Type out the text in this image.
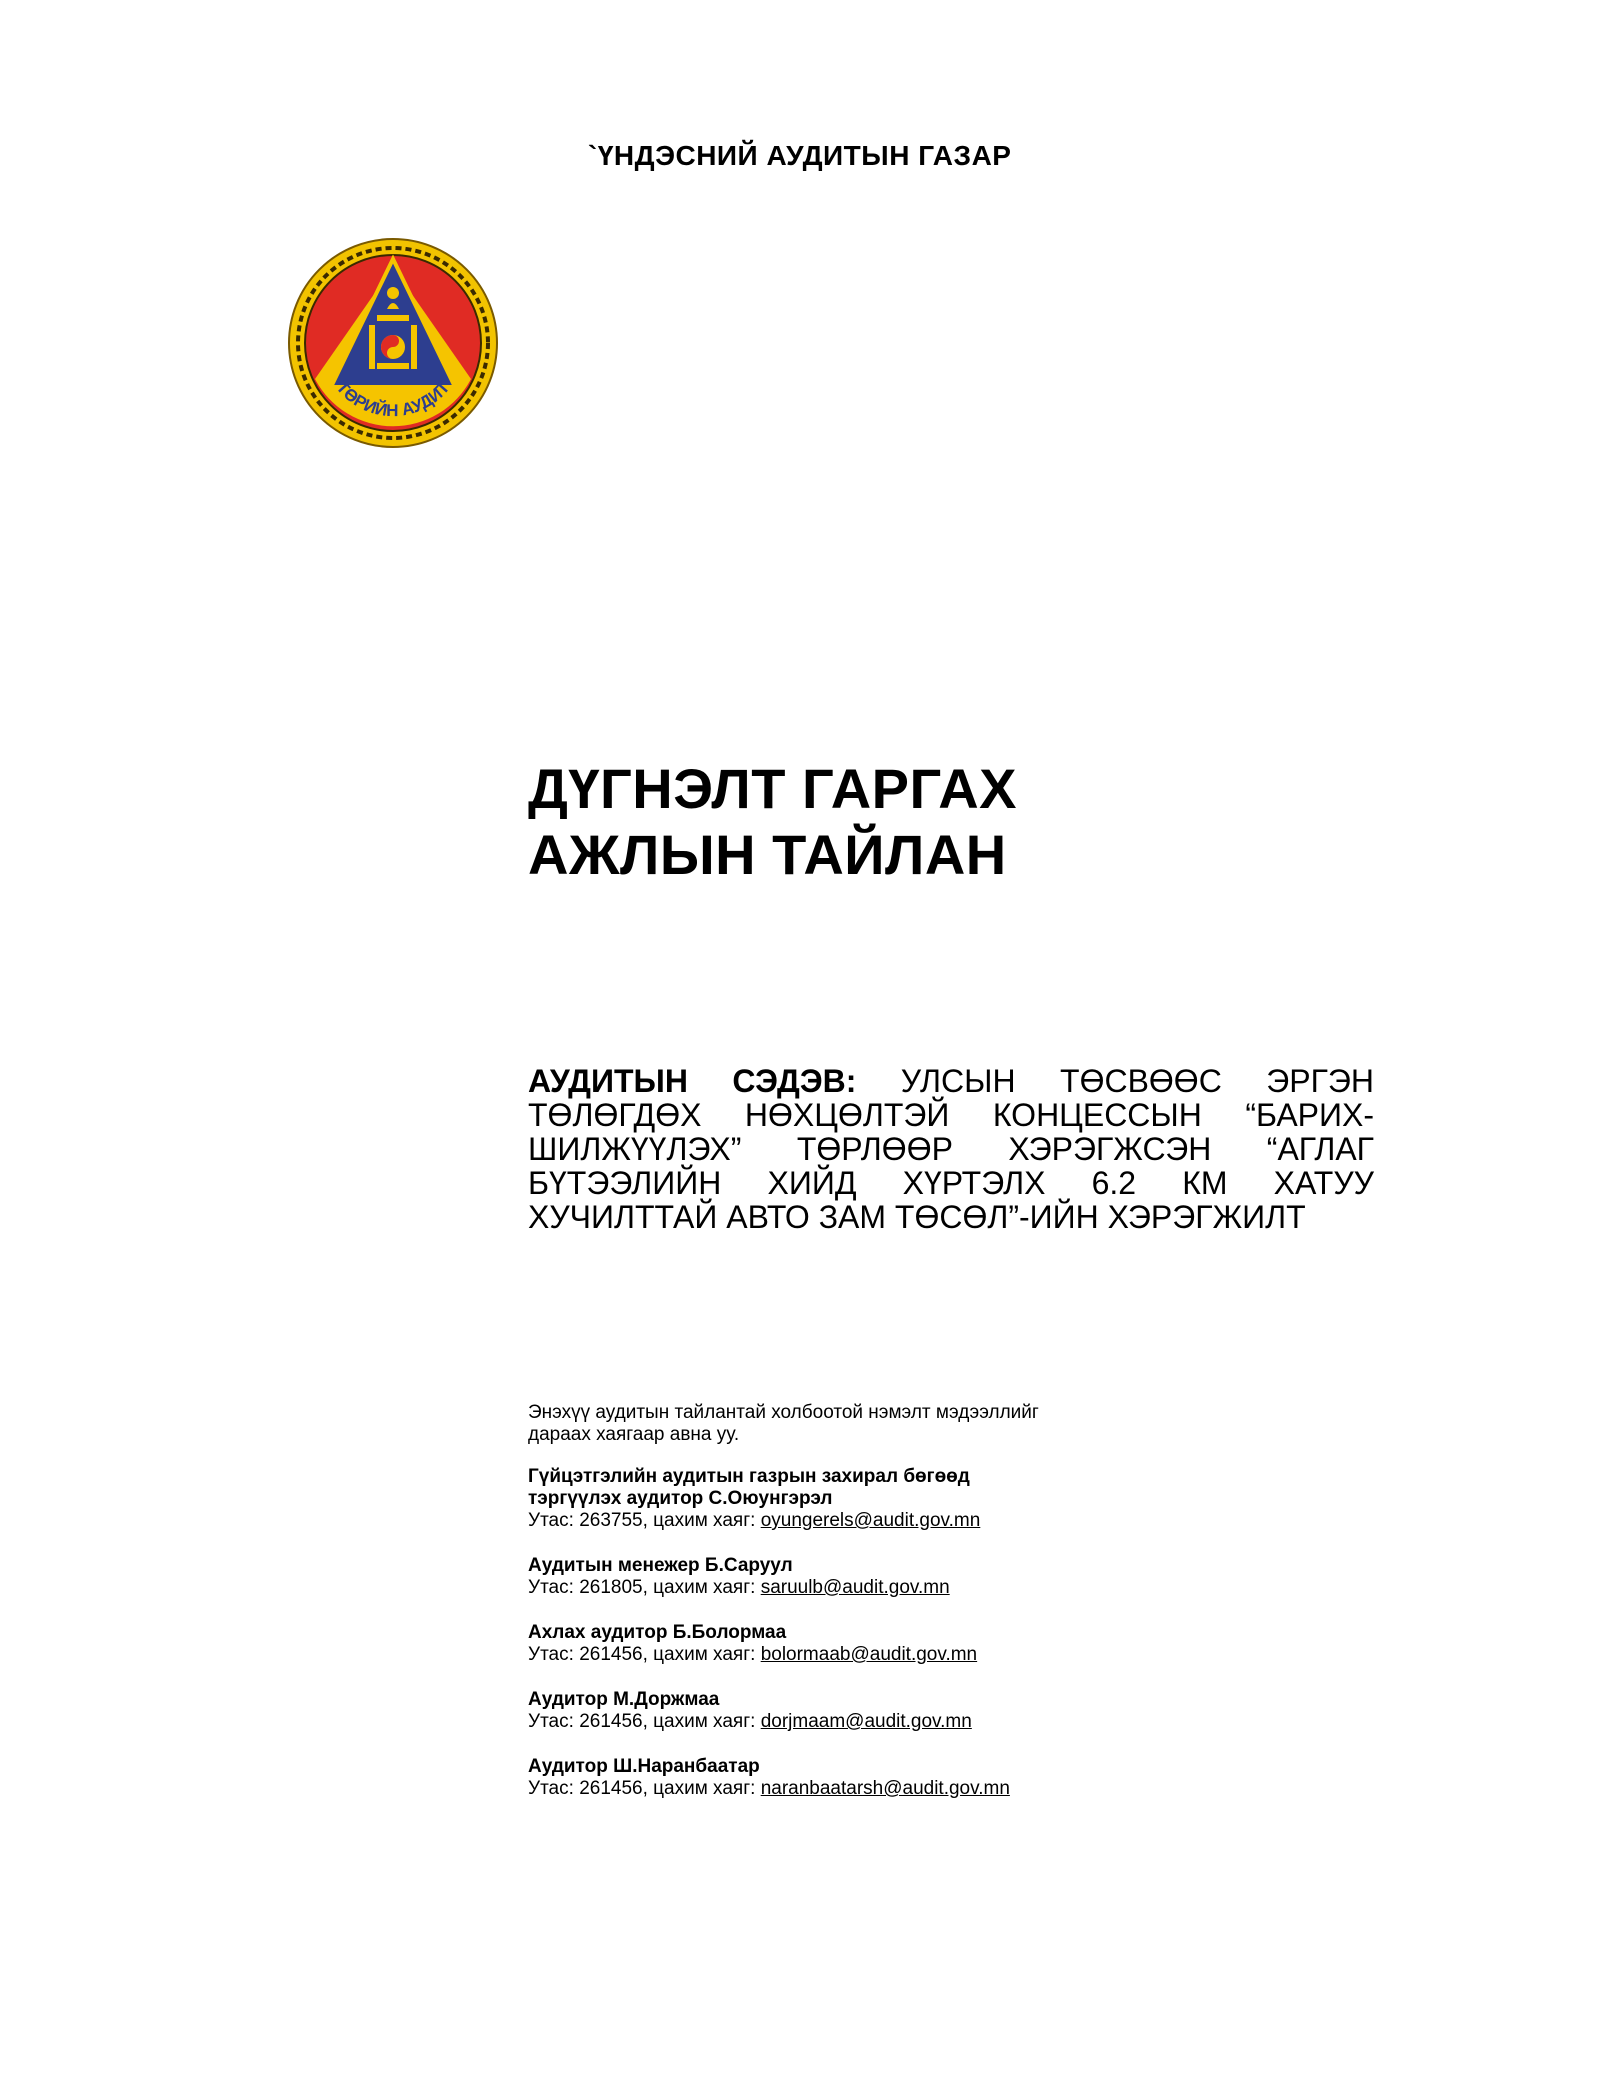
`ҮНДЭСНИЙ АУДИТЫН ГАЗАР
ТӨРИЙН АУДИТ
ДҮГНЭЛТ ГАРГАХ
АЖЛЫН ТАЙЛАН
АУДИТЫН СЭДЭВ: УЛСЫН ТӨСВӨӨС ЭРГЭН ТӨЛӨГДӨХ НӨХЦӨЛТЭЙ КОНЦЕССЫН “БАРИХ-ШИЛЖҮҮЛЭХ” ТӨРЛӨӨР ХЭРЭГЖСЭН “АГЛАГ БҮТЭЭЛИЙН ХИЙД ХҮРТЭЛХ 6.2 КМ ХАТУУ ХУЧИЛТТАЙ АВТО ЗАМ ТӨСӨЛ”-ИЙН ХЭРЭГЖИЛТ
Энэхүү аудитын тайлантай холбоотой нэмэлт мэдээллийг
дараах хаягаар авна уу.
Гүйцэтгэлийн аудитын газрын захирал бөгөөд
тэргүүлэх аудитор С.Оюунгэрэл
Утас: 263755, цахим хаяг: oyungerels@audit.gov.mn
Аудитын менежер Б.Саруул
Утас: 261805, цахим хаяг: saruulb@audit.gov.mn
Ахлах аудитор Б.Болормаа
Утас: 261456, цахим хаяг: bolormaab@audit.gov.mn
Аудитор М.Доржмаа
Утас: 261456, цахим хаяг: dorjmaam@audit.gov.mn
Аудитор Ш.Наранбаатар
Утас: 261456, цахим хаяг: naranbaatarsh@audit.gov.mn
